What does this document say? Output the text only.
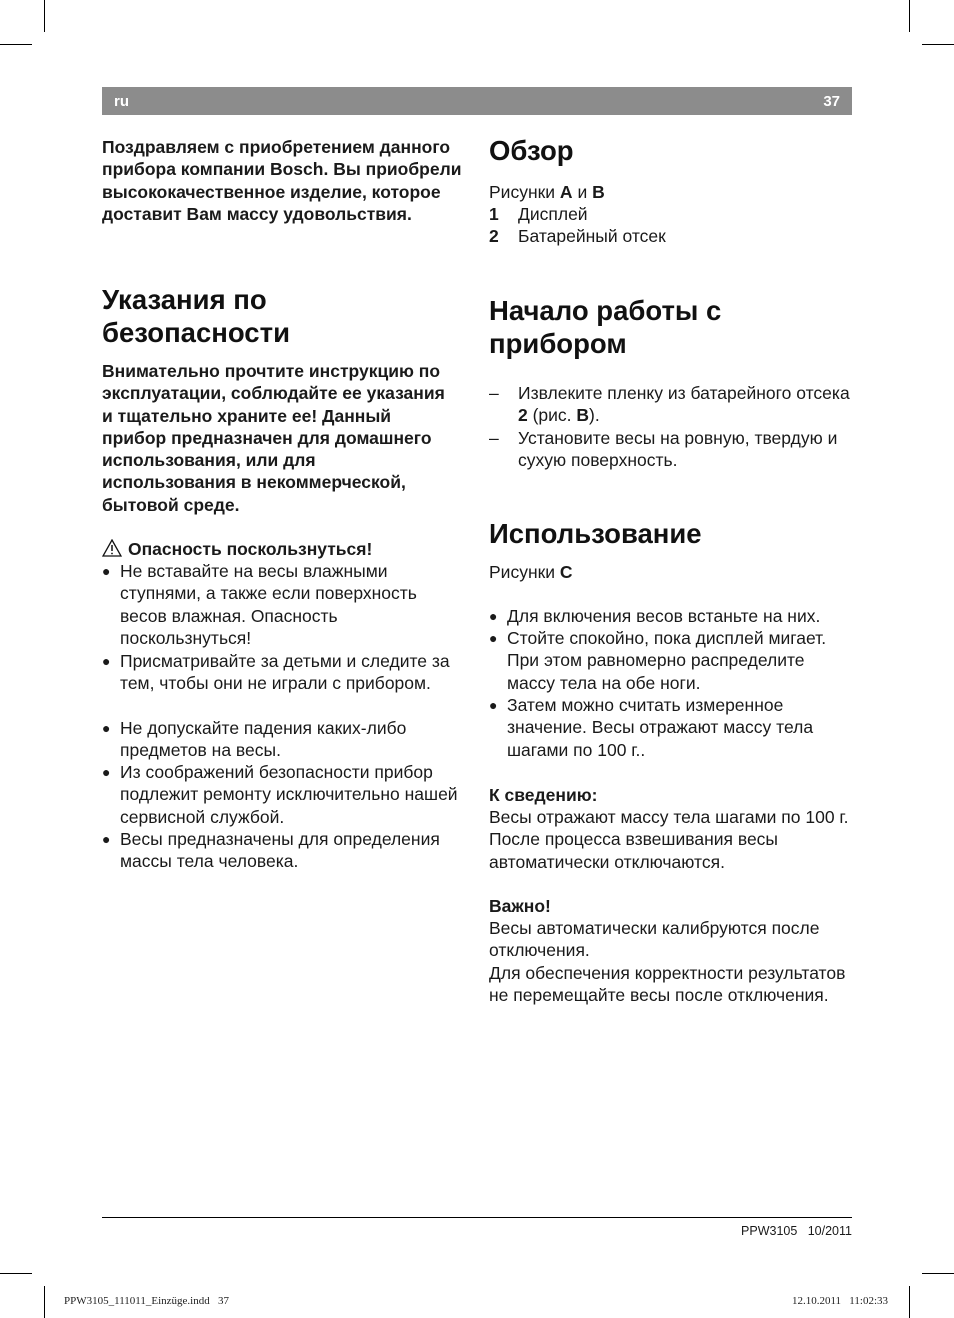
ru	37

Поздравляем с приобретением данного прибора компании Bosch. Вы приобрели высококачественное изделие, которое доставит Вам массу удовольствия.

Указания по безопасности

Внимательно прочтите инструкцию по эксплуатации, соблюдайте ее указания и тщательно храните ее! Данный прибор предназначен для домашнего использования, или для использования в некоммерческой, бытовой среде.

Опасность поскользнуться!
● Не вставайте на весы влажными ступнями, а также если поверхность весов влажная. Опасность поскользнуться!
● Присматривайте за детьми и следите за тем, чтобы они не играли с прибором.
● Не допускайте падения каких-либо предметов на весы.
● Из соображений безопасности прибор подлежит ремонту исключительно нашей сервисной службой.
● Весы предназначены для определения массы тела человека.
Обзор
Рисунки A и B
1 Дисплей
2 Батарейный отсек
Начало работы с прибором
– Извлеките пленку из батарейного отсека 2 (рис. B).
– Установите весы на ровную, твердую и сухую поверхность.
Использование
Рисунки C
● Для включения весов встаньте на них.
● Стойте спокойно, пока дисплей мигает. При этом равномерно распределите массу тела на обе ноги.
● Затем можно считать измеренное значение. Весы отражают массу тела шагами по 100 г..

К сведению:

Весы отражают массу тела шагами по 100 г. После процесса взвешивания весы автоматически отключаются.

Важно!

Весы автоматически калибруются после отключения.

Для обеспечения корректности результатов не перемещайте весы после отключения.

PPW3105   10/2011
PPW3105_111011_Einzüge.indd   37	12.10.2011   11:02:33
